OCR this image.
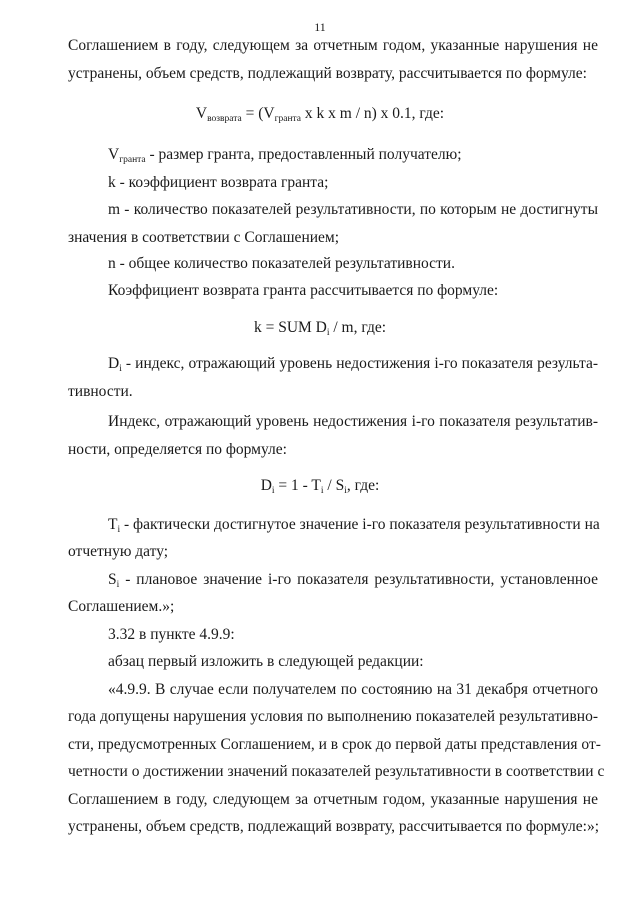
11
Соглашением в году, следующем за отчетным годом, указанные нарушения не
устранены, объем средств, подлежащий возврату, рассчитывается по формуле:
$V_{возврата} = (V_{гранта}$ x k x m / n) x 0.1, где:
$V_{гранта}$ - размер гранта, предоставленный получателю;
k - коэффициент возврата гранта;
m - количество показателей результативности, по которым не достигнуты
значения в соответствии с Соглашением;
n - общее количество показателей результативности.
Коэффициент возврата гранта рассчитывается по формуле:
k = SUM $D_i$ / m, где:
$D_i$ - индекс, отражающий уровень недостижения i-го показателя результа-
тивности.
Индекс, отражающий уровень недостижения i-го показателя результатив-
ности, определяется по формуле:
$D_i = 1 - T_i / S_i$, где:
$T_i$ - фактически достигнутое значение i-го показателя результативности на
отчетную дату;
$S_i$ - плановое значение i-го показателя результативности, установленное
Соглашением.»;
3.32 в пункте 4.9.9:
абзац первый изложить в следующей редакции:
«4.9.9. В случае если получателем по состоянию на 31 декабря отчетного
года допущены нарушения условия по выполнению показателей результативно-
сти, предусмотренных Соглашением, и в срок до первой даты представления от-
четности о достижении значений показателей результативности в соответствии с
Соглашением в году, следующем за отчетным годом, указанные нарушения не
устранены, объем средств, подлежащий возврату, рассчитывается по формуле:»;
